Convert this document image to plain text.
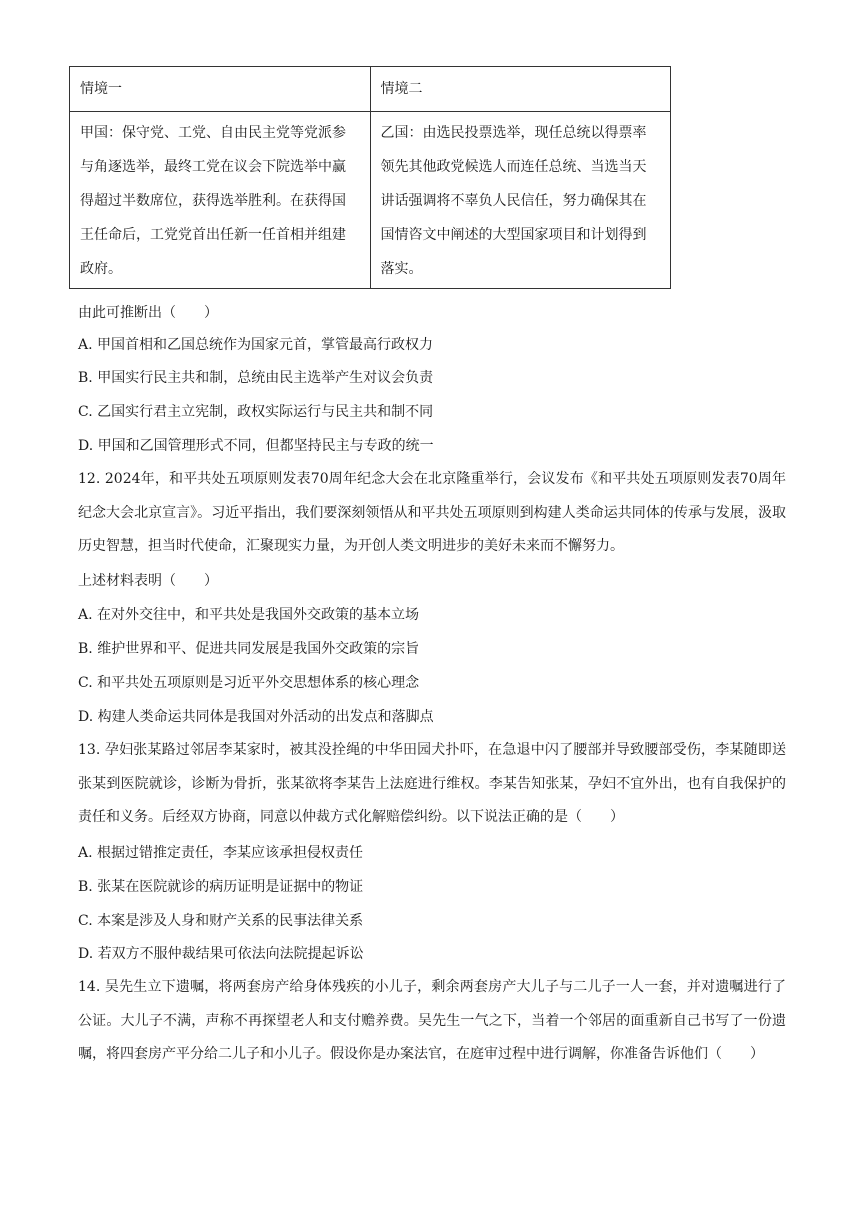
情境一	情境二
甲国：保守党、工党、自由民主党等党派参与角逐选举，最终工党在议会下院选举中赢得超过半数席位，获得选举胜利。在获得国王任命后，工党党首出任新一任首相并组建政府。	乙国：由选民投票选举，现任总统以得票率领先其他政党候选人而连任总统、当选当天讲话强调将不辜负人民信任，努力确保其在国情咨文中阐述的大型国家项目和计划得到落实。
由此可推断出（　　）
A. 甲国首相和乙国总统作为国家元首，掌管最高行政权力
B. 甲国实行民主共和制，总统由民主选举产生对议会负责
C. 乙国实行君主立宪制，政权实际运行与民主共和制不同
D. 甲国和乙国管理形式不同，但都坚持民主与专政的统一
12. 2024年，和平共处五项原则发表70周年纪念大会在北京隆重举行，会议发布《和平共处五项原则发表70周年纪念大会北京宣言》。习近平指出，我们要深刻领悟从和平共处五项原则到构建人类命运共同体的传承与发展，汲取历史智慧，担当时代使命，汇聚现实力量，为开创人类文明进步的美好未来而不懈努力。
上述材料表明（　　）
A. 在对外交往中，和平共处是我国外交政策的基本立场
B. 维护世界和平、促进共同发展是我国外交政策的宗旨
C. 和平共处五项原则是习近平外交思想体系的核心理念
D. 构建人类命运共同体是我国对外活动的出发点和落脚点
13. 孕妇张某路过邻居李某家时，被其没拴绳的中华田园犬扑吓，在急退中闪了腰部并导致腰部受伤，李某随即送张某到医院就诊，诊断为骨折，张某欲将李某告上法庭进行维权。李某告知张某，孕妇不宜外出，也有自我保护的责任和义务。后经双方协商，同意以仲裁方式化解赔偿纠纷。以下说法正确的是（　　）
A. 根据过错推定责任，李某应该承担侵权责任
B. 张某在医院就诊的病历证明是证据中的物证
C. 本案是涉及人身和财产关系的民事法律关系
D. 若双方不服仲裁结果可依法向法院提起诉讼
14. 吴先生立下遗嘱，将两套房产给身体残疾的小儿子，剩余两套房产大儿子与二儿子一人一套，并对遗嘱进行了公证。大儿子不满，声称不再探望老人和支付赡养费。吴先生一气之下，当着一个邻居的面重新自己书写了一份遗嘱，将四套房产平分给二儿子和小儿子。假设你是办案法官，在庭审过程中进行调解，你准备告诉他们（　　）
